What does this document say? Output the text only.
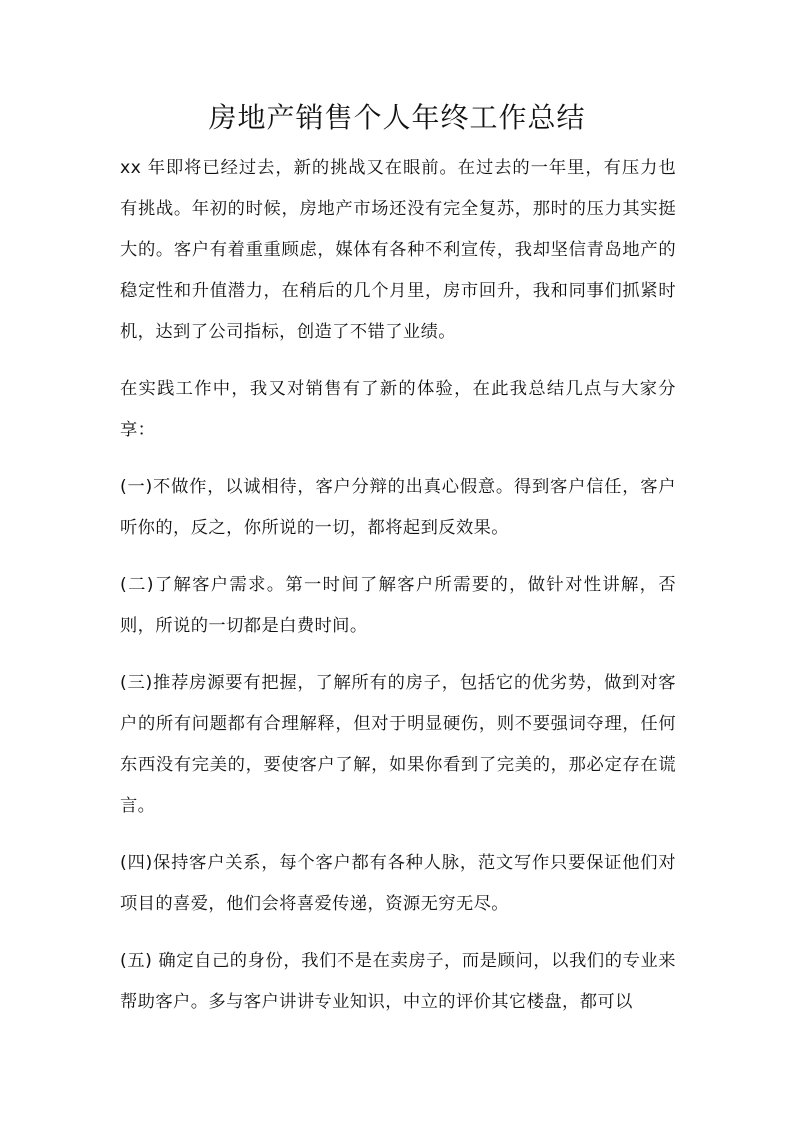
房地产销售个人年终工作总结

xx 年即将已经过去，新的挑战又在眼前。在过去的一年里，有压力也有挑战。年初的时候，房地产市场还没有完全复苏，那时的压力其实挺大的。客户有着重重顾虑，媒体有各种不利宣传，我却坚信青岛地产的稳定性和升值潜力，在稍后的几个月里，房市回升，我和同事们抓紧时机，达到了公司指标，创造了不错了业绩。

在实践工作中，我又对销售有了新的体验，在此我总结几点与大家分享：

(一)不做作，以诚相待，客户分辩的出真心假意。得到客户信任，客户听你的，反之，你所说的一切，都将起到反效果。

(二)了解客户需求。第一时间了解客户所需要的，做针对性讲解，否则，所说的一切都是白费时间。

(三)推荐房源要有把握，了解所有的房子，包括它的优劣势，做到对客户的所有问题都有合理解释，但对于明显硬伤，则不要强词夺理，任何东西没有完美的，要使客户了解，如果你看到了完美的，那必定存在谎言。

(四)保持客户关系，每个客户都有各种人脉，范文写作只要保证他们对项目的喜爱，他们会将喜爱传递，资源无穷无尽。

(五) 确定自己的身份，我们不是在卖房子，而是顾问，以我们的专业来帮助客户。多与客户讲讲专业知识，中立的评价其它楼盘，都可以
